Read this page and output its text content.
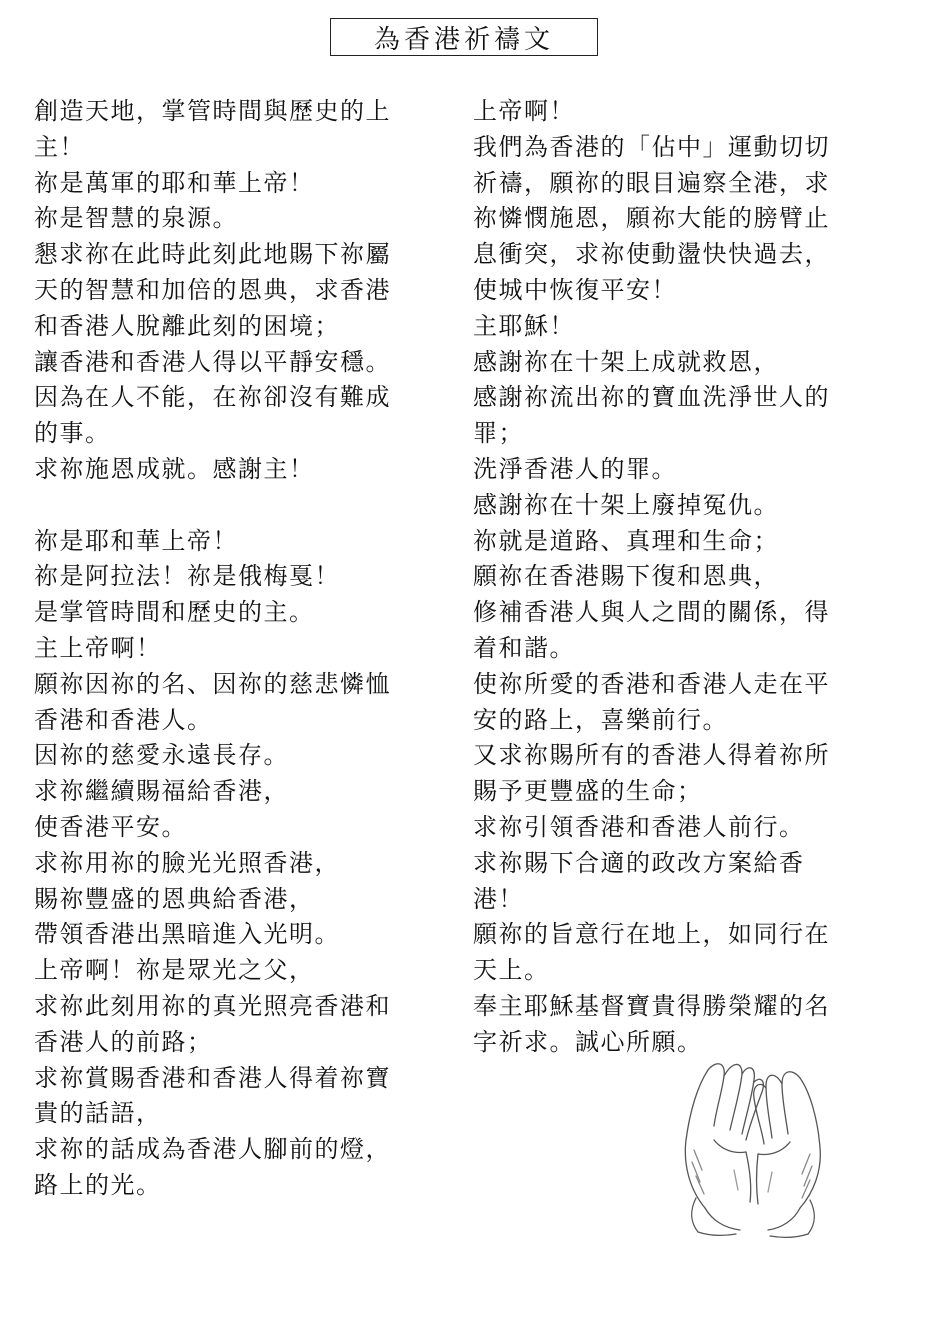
為香港祈禱文
創造天地，掌管時間與歷史的上
主！
祢是萬軍的耶和華上帝！
祢是智慧的泉源。
懇求祢在此時此刻此地賜下祢屬
天的智慧和加倍的恩典，求香港
和香港人脫離此刻的困境；
讓香港和香港人得以平靜安穩。
因為在人不能，在祢卻沒有難成
的事。
求祢施恩成就。感謝主！
祢是耶和華上帝！
祢是阿拉法！祢是俄梅戛！
是掌管時間和歷史的主。
主上帝啊！
願祢因祢的名、因祢的慈悲憐恤
香港和香港人。
因祢的慈愛永遠長存。
求祢繼續賜福給香港，
使香港平安。
求祢用祢的臉光光照香港，
賜祢豐盛的恩典給香港，
帶領香港出黑暗進入光明。
上帝啊！祢是眾光之父，
求祢此刻用祢的真光照亮香港和
香港人的前路；
求祢賞賜香港和香港人得着祢寶
貴的話語，
求祢的話成為香港人腳前的燈，
路上的光。
上帝啊！
我們為香港的「佔中」運動切切
祈禱，願祢的眼目遍察全港，求
祢憐憫施恩，願祢大能的膀臂止
息衝突，求祢使動盪快快過去，
使城中恢復平安！
主耶穌！
感謝祢在十架上成就救恩，
感謝祢流出祢的寶血洗淨世人的
罪；
洗淨香港人的罪。
感謝祢在十架上廢掉冤仇。
祢就是道路、真理和生命；
願祢在香港賜下復和恩典，
修補香港人與人之間的關係，得
着和諧。
使祢所愛的香港和香港人走在平
安的路上，喜樂前行。
又求祢賜所有的香港人得着祢所
賜予更豐盛的生命；
求祢引領香港和香港人前行。
求祢賜下合適的政改方案給香
港！
願祢的旨意行在地上，如同行在
天上。
奉主耶穌基督寶貴得勝榮耀的名
字祈求。誠心所願。
